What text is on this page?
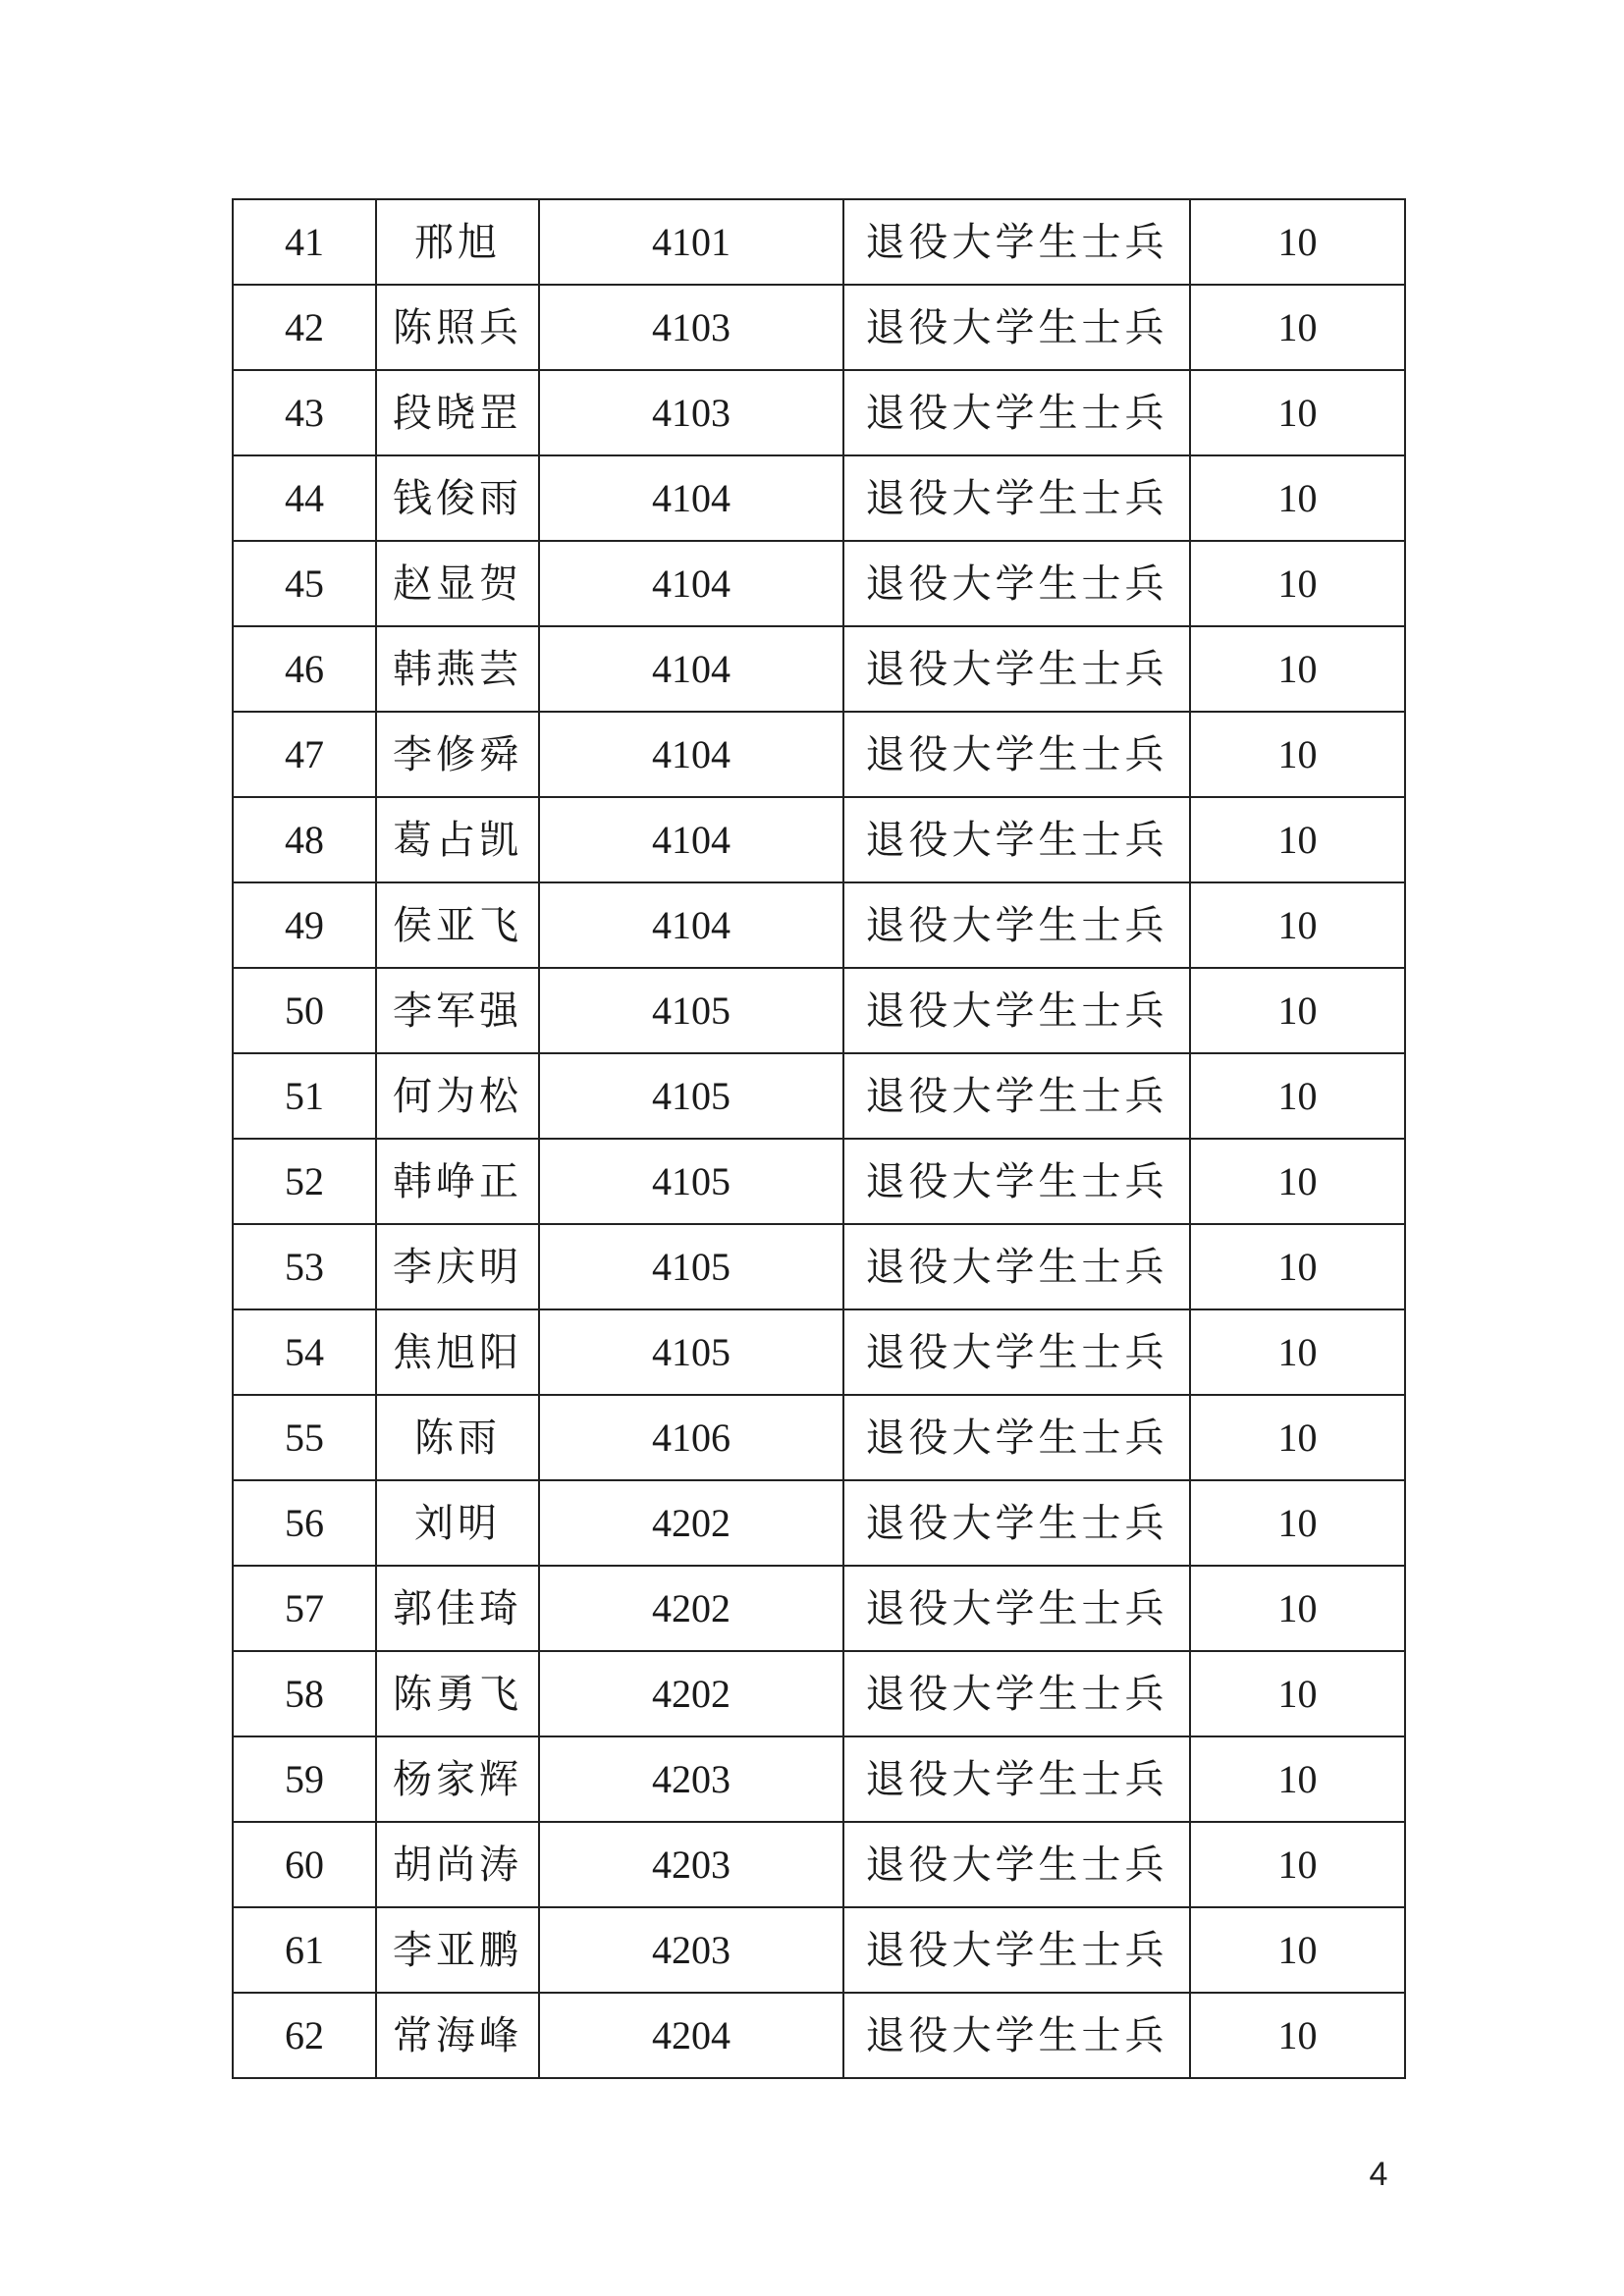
41	邢旭	4101	退役大学生士兵	10
42	陈照兵	4103	退役大学生士兵	10
43	段晓罡	4103	退役大学生士兵	10
44	钱俊雨	4104	退役大学生士兵	10
45	赵显贺	4104	退役大学生士兵	10
46	韩燕芸	4104	退役大学生士兵	10
47	李修舜	4104	退役大学生士兵	10
48	葛占凯	4104	退役大学生士兵	10
49	侯亚飞	4104	退役大学生士兵	10
50	李军强	4105	退役大学生士兵	10
51	何为松	4105	退役大学生士兵	10
52	韩峥正	4105	退役大学生士兵	10
53	李庆明	4105	退役大学生士兵	10
54	焦旭阳	4105	退役大学生士兵	10
55	陈雨	4106	退役大学生士兵	10
56	刘明	4202	退役大学生士兵	10
57	郭佳琦	4202	退役大学生士兵	10
58	陈勇飞	4202	退役大学生士兵	10
59	杨家辉	4203	退役大学生士兵	10
60	胡尚涛	4203	退役大学生士兵	10
61	李亚鹏	4203	退役大学生士兵	10
62	常海峰	4204	退役大学生士兵	10
4
